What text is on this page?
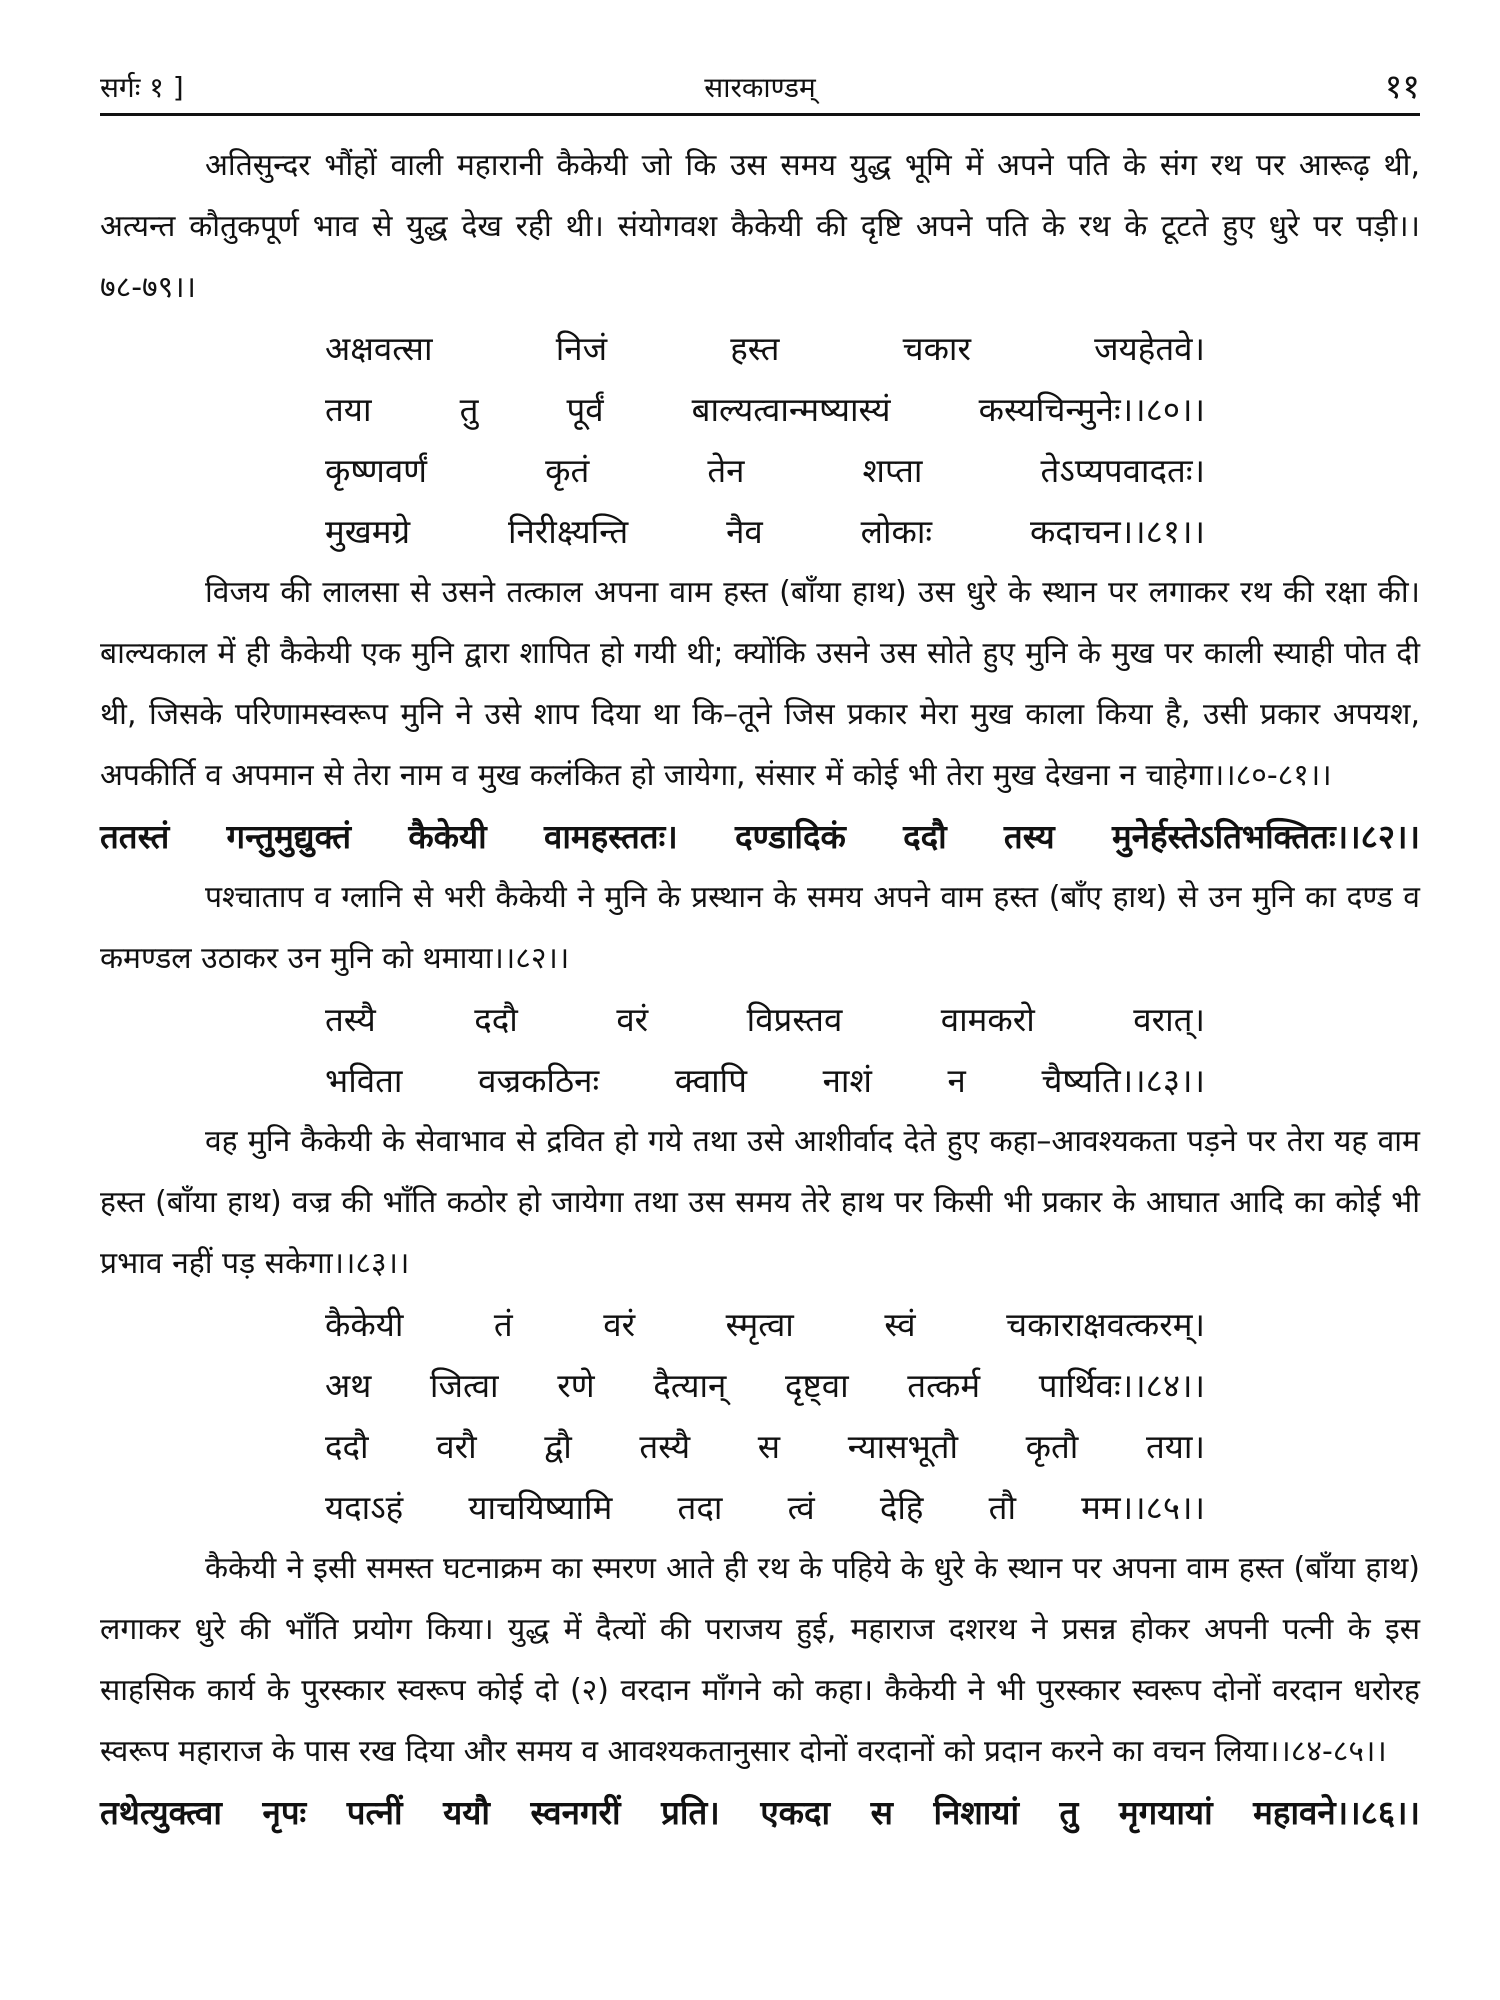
सर्गः १ ]	सारकाण्डम्	११

अतिसुन्दर भौंहों वाली महारानी कैकेयी जो कि उस समय युद्ध भूमि में अपने पति के संग रथ पर आरूढ़ थी, अत्यन्त कौतुकपूर्ण भाव से युद्ध देख रही थी। संयोगवश कैकेयी की दृष्टि अपने पति के रथ के टूटते हुए धुरे पर पड़ी।।७८-७९।।

अक्षवत्सा निजं हस्त चकार जयहेतवे।
तया तु पूर्वं बाल्यत्वान्मष्यास्यं कस्यचिन्मुनेः।।८०।।
कृष्णवर्णं कृतं तेन शप्ता तेऽप्यपवादतः।
मुखमग्रे निरीक्ष्यन्ति नैव लोकाः कदाचन।।८१।।

विजय की लालसा से उसने तत्काल अपना वाम हस्त (बाँया हाथ) उस धुरे के स्थान पर लगाकर रथ की रक्षा की। बाल्यकाल में ही कैकेयी एक मुनि द्वारा शापित हो गयी थी; क्योंकि उसने उस सोते हुए मुनि के मुख पर काली स्याही पोत दी थी, जिसके परिणामस्वरूप मुनि ने उसे शाप दिया था कि–तूने जिस प्रकार मेरा मुख काला किया है, उसी प्रकार अपयश, अपकीर्ति व अपमान से तेरा नाम व मुख कलंकित हो जायेगा, संसार में कोई भी तेरा मुख देखना न चाहेगा।।८०-८१।।

ततस्तं गन्तुमुद्युक्तं कैकेयी वामहस्ततः। दण्डादिकं ददौ तस्य मुनेर्हस्तेऽतिभक्तितः।।८२।।

पश्चाताप व ग्लानि से भरी कैकेयी ने मुनि के प्रस्थान के समय अपने वाम हस्त (बाँए हाथ) से उन मुनि का दण्ड व कमण्डल उठाकर उन मुनि को थमाया।।८२।।

तस्यै ददौ वरं विप्रस्तव वामकरो वरात्।
भविता वज्रकठिनः क्वापि नाशं न चैष्यति।।८३।।

वह मुनि कैकेयी के सेवाभाव से द्रवित हो गये तथा उसे आशीर्वाद देते हुए कहा–आवश्यकता पड़ने पर तेरा यह वाम हस्त (बाँया हाथ) वज्र की भाँति कठोर हो जायेगा तथा उस समय तेरे हाथ पर किसी भी प्रकार के आघात आदि का कोई भी प्रभाव नहीं पड़ सकेगा।।८३।।

कैकेयी तं वरं स्मृत्वा स्वं चकाराक्षवत्करम्।
अथ जित्वा रणे दैत्यान् दृष्ट्वा तत्कर्म पार्थिवः।।८४।।
ददौ वरौ द्वौ तस्यै स न्यासभूतौ कृतौ तया।
यदाऽहं याचयिष्यामि तदा त्वं देहि तौ मम।।८५।।

कैकेयी ने इसी समस्त घटनाक्रम का स्मरण आते ही रथ के पहिये के धुरे के स्थान पर अपना वाम हस्त (बाँया हाथ) लगाकर धुरे की भाँति प्रयोग किया। युद्ध में दैत्यों की पराजय हुई, महाराज दशरथ ने प्रसन्न होकर अपनी पत्नी के इस साहसिक कार्य के पुरस्कार स्वरूप कोई दो (२) वरदान माँगने को कहा। कैकेयी ने भी पुरस्कार स्वरूप दोनों वरदान धरोरह स्वरूप महाराज के पास रख दिया और समय व आवश्यकतानुसार दोनों वरदानों को प्रदान करने का वचन लिया।।८४-८५।।

तथेत्युक्त्वा नृपः पत्नीं ययौ स्वनगरीं प्रति। एकदा स निशायां तु मृगयायां महावने।।८६।।
